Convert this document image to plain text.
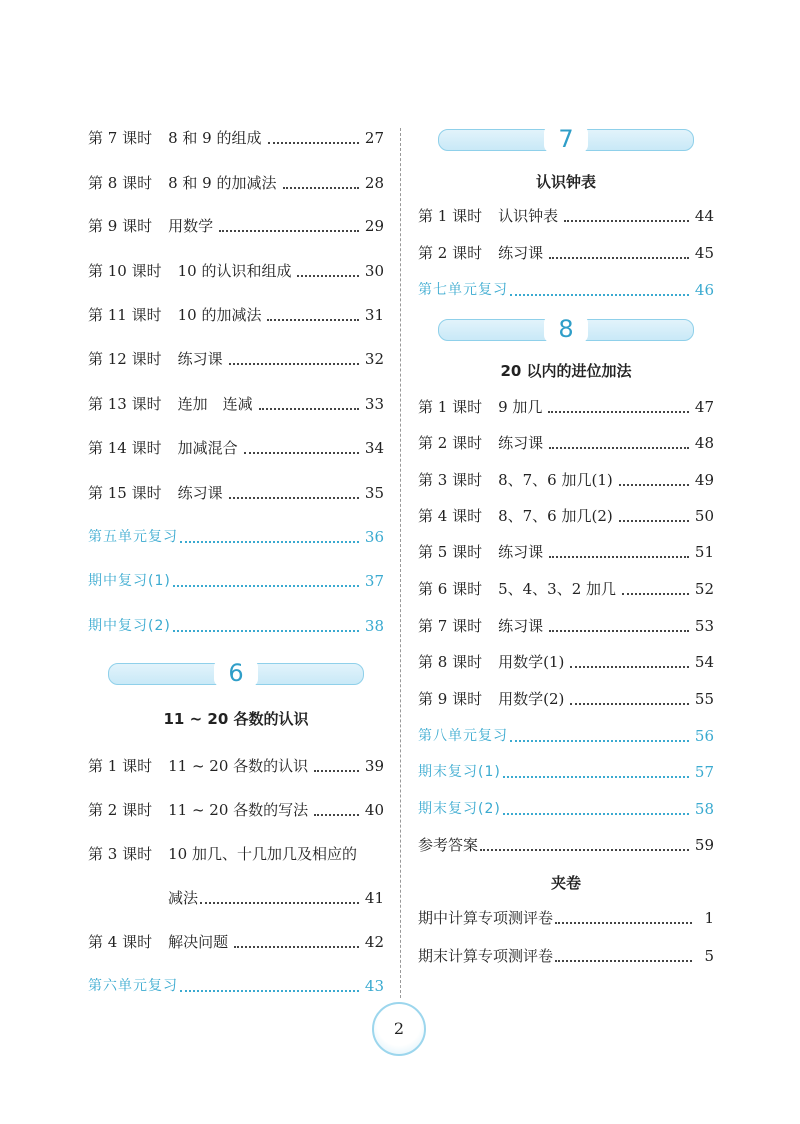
第 7 课时 8 和 9 的组成	27
第 8 课时 8 和 9 的加减法	28
第 9 课时 用数学	29
第 10 课时 10 的认识和组成	30
第 11 课时 10 的加减法	31
第 12 课时 练习课	32
第 13 课时 连加　连减	33
第 14 课时 加减混合	34
第 15 课时 练习课	35
第五单元复习	36
期中复习(1)	37
期中复习(2)	38
6
11 ~ 20 各数的认识
第 1 课时 11 ~ 20 各数的认识	39
第 2 课时 11 ~ 20 各数的写法	40
第 3 课时 10 加几、十几加几及相应的
减法	41
第 4 课时 解决问题	42
第六单元复习	43
7
认识钟表
第 1 课时 认识钟表	44
第 2 课时 练习课	45
第七单元复习	46
8
20 以内的进位加法
第 1 课时 9 加几	47
第 2 课时 练习课	48
第 3 课时 8、7、6 加几(1)	49
第 4 课时 8、7、6 加几(2)	50
第 5 课时 练习课	51
第 6 课时 5、4、3、2 加几	52
第 7 课时 练习课	53
第 8 课时 用数学(1)	54
第 9 课时 用数学(2)	55
第八单元复习	56
期末复习(1)	57
期末复习(2)	58
参考答案	59
夹卷
期中计算专项测评卷	1
期末计算专项测评卷	5
2
